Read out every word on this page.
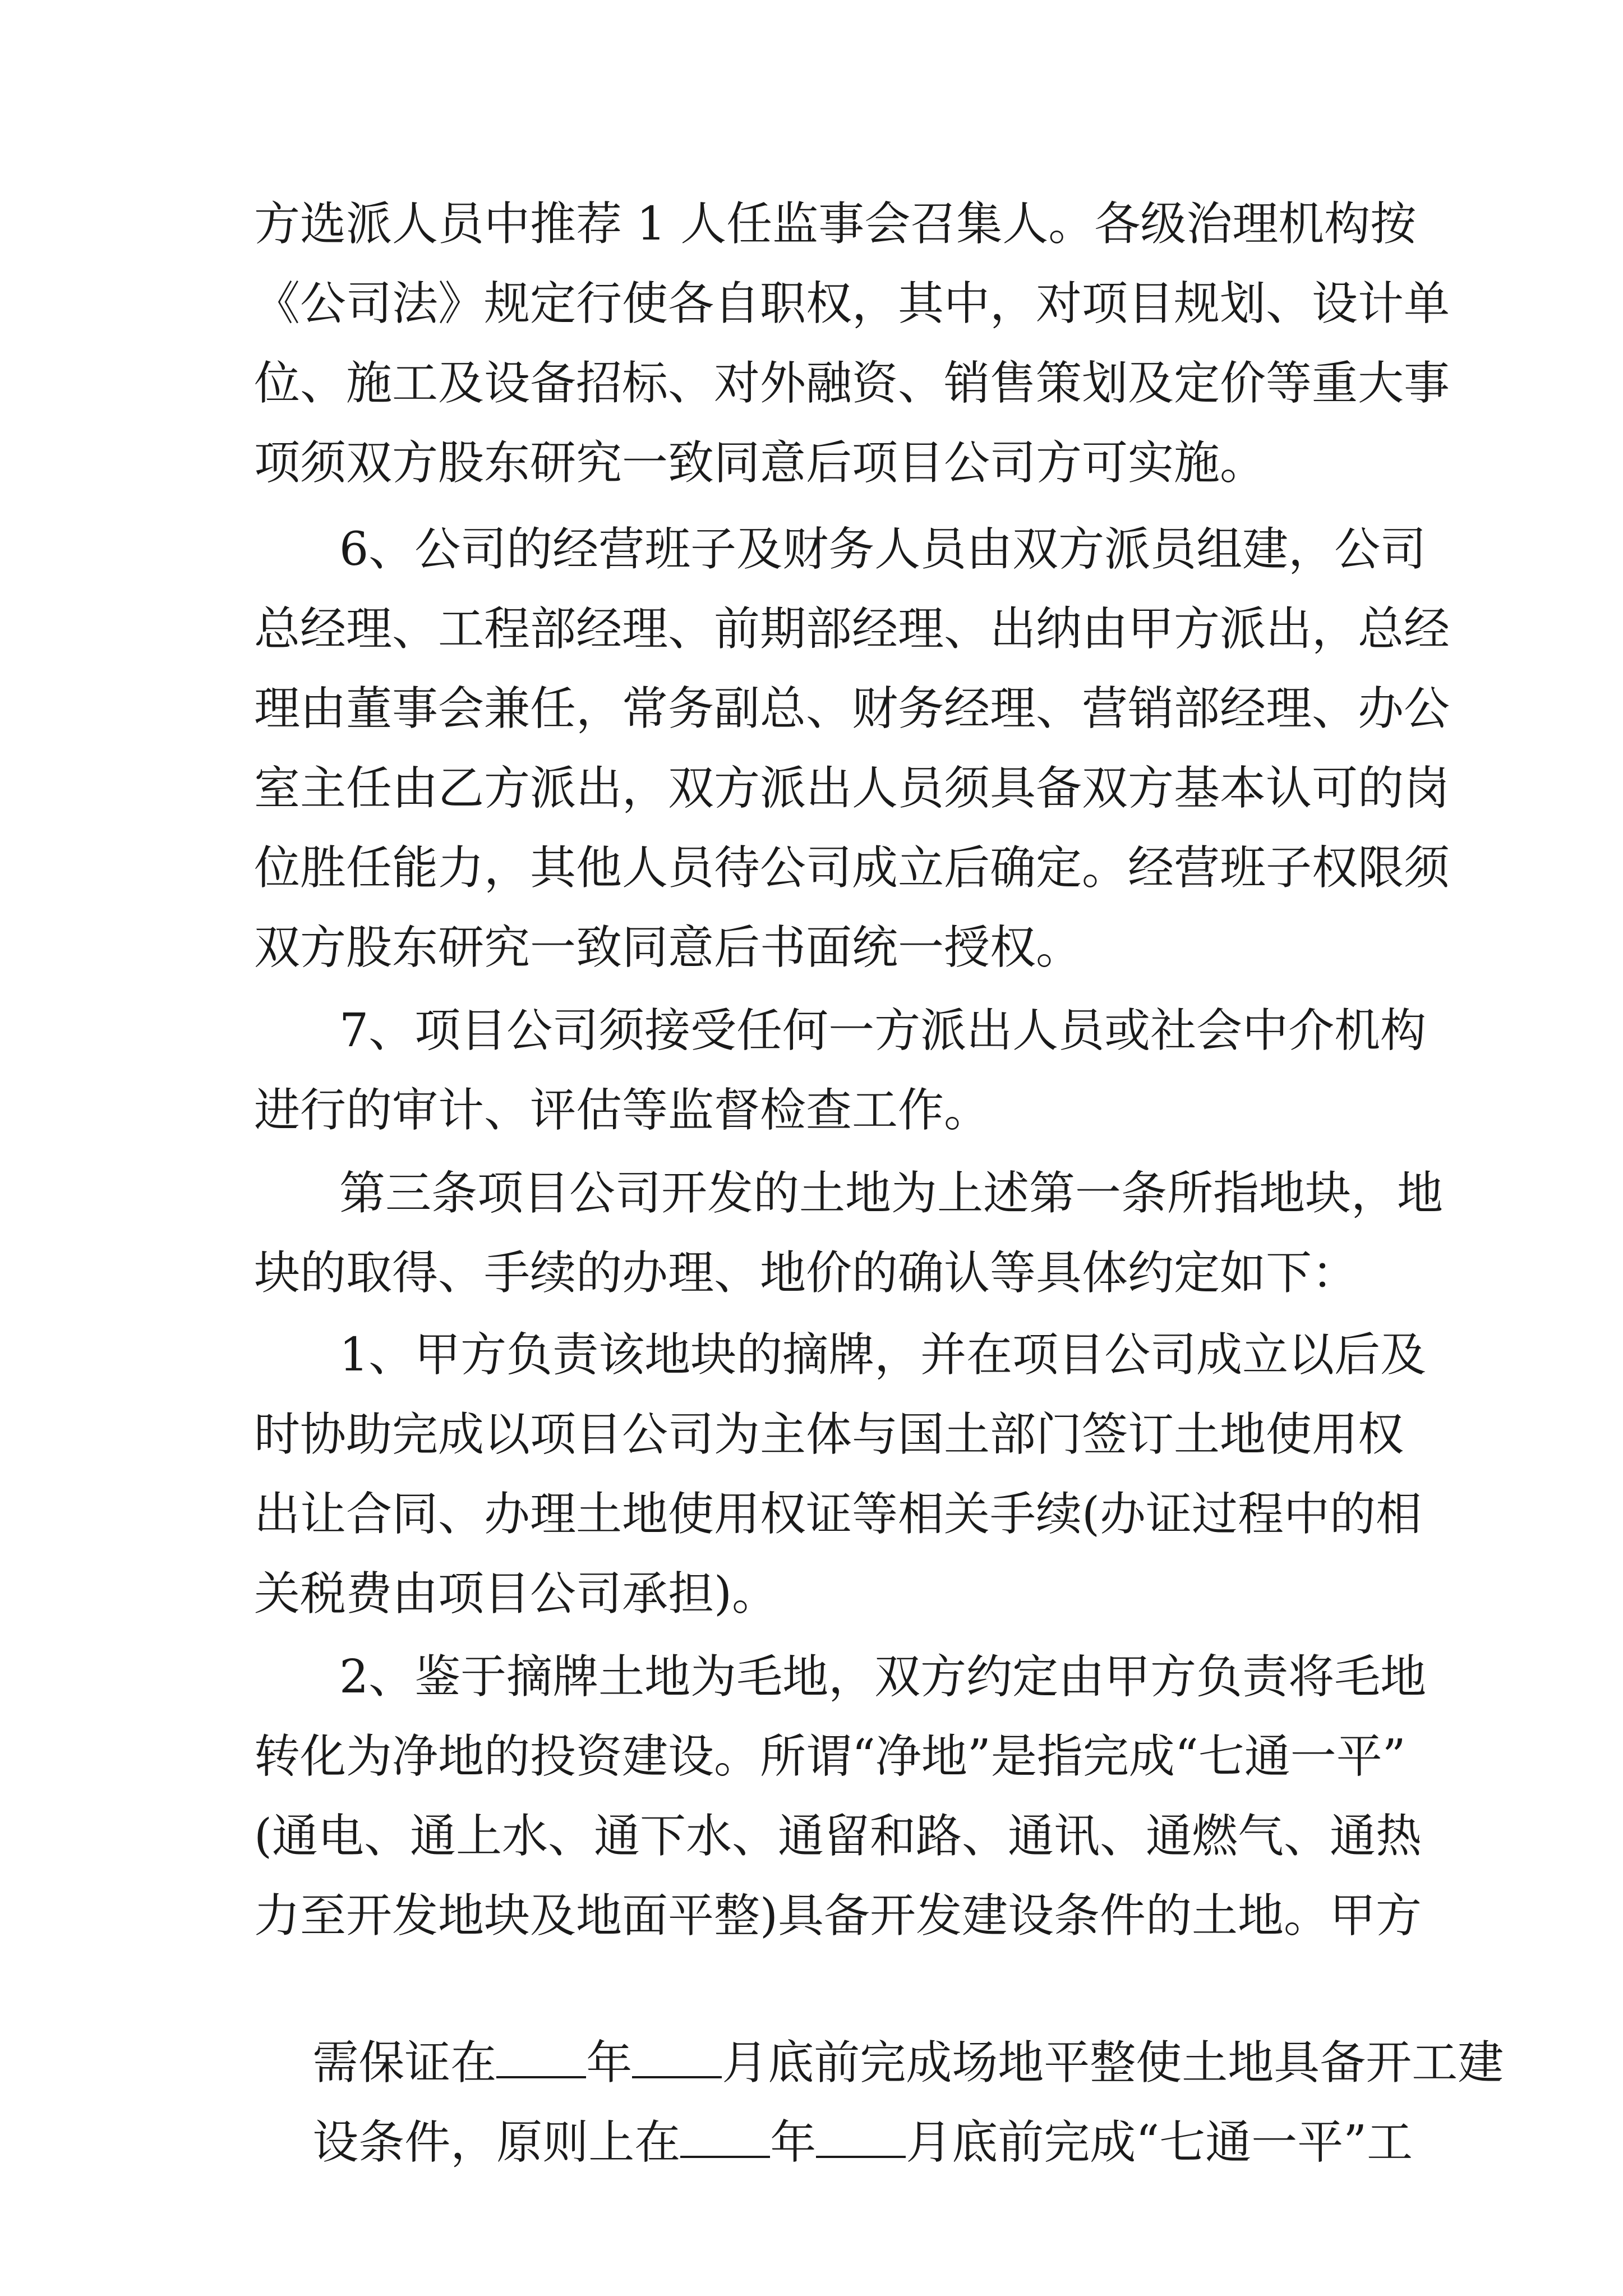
方选派人员中推荐 1 人任监事会召集人。各级治理机构按
《公司法》规定行使各自职权，其中，对项目规划、设计单
位、施工及设备招标、对外融资、销售策划及定价等重大事
项须双方股东研究一致同意后项目公司方可实施。
6、公司的经营班子及财务人员由双方派员组建，公司
总经理、工程部经理、前期部经理、出纳由甲方派出，总经
理由董事会兼任，常务副总、财务经理、营销部经理、办公
室主任由乙方派出，双方派出人员须具备双方基本认可的岗
位胜任能力，其他人员待公司成立后确定。经营班子权限须
双方股东研究一致同意后书面统一授权。
7、项目公司须接受任何一方派出人员或社会中介机构
进行的审计、评估等监督检查工作。
第三条项目公司开发的土地为上述第一条所指地块，地
块的取得、手续的办理、地价的确认等具体约定如下：
1、甲方负责该地块的摘牌，并在项目公司成立以后及
时协助完成以项目公司为主体与国土部门签订土地使用权
出让合同、办理土地使用权证等相关手续(办证过程中的相
关税费由项目公司承担)。
2、鉴于摘牌土地为毛地，双方约定由甲方负责将毛地
转化为净地的投资建设。所谓“净地”是指完成“七通一平”
(通电、通上水、通下水、通留和路、通讯、通燃气、通热
力至开发地块及地面平整)具备开发建设条件的土地。甲方

需保证在 年 月底前完成场地平整使土地具备开工建

设条件，原则上在 年 月底前完成“七通一平”工
